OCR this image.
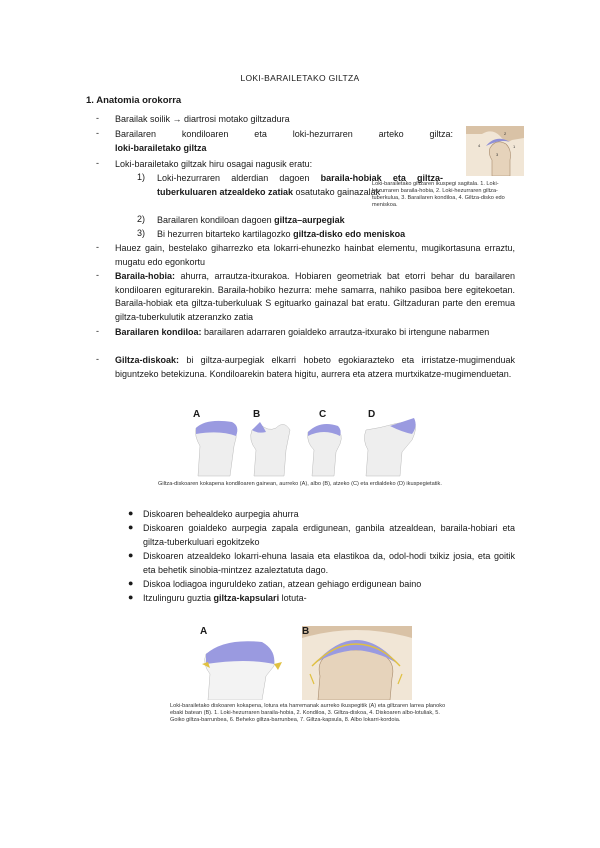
LOKI-BARAILETAKO GILTZA
1. Anatomia orokorra
- Barailak soilik → diartrosi motako giltzadura
- Barailaren kondiloaren eta loki-hezurraren arteko giltza:
loki-barailetako giltza
- Loki-barailetako giltzak hiru osagai nagusik eratu:
1) Loki-hezurraren alderdian dagoen baraila-hobiak eta giltza-tuberkuluaren atzealdeko zatiak osatutako gainazalak
2) Barailaren kondiloan dagoen giltza–aurpegiak
3) Bi hezurren bitarteko kartilagozko giltza-disko edo meniskoa
2
4
3
1
Loki-barailetako giltzaren ikuspegi sagitala. 1. Loki-hezurraren baraila-hobia, 2. Loki-hezurraren giltza-tuberkulua, 3. Barailaren kondiloa, 4. Giltza-disko edo meniskoa.
- Hauez gain, bestelako giharrezko eta lokarri-ehunezko hainbat elementu, mugikortasuna erraztu, mugatu edo egonkortu
- Baraila-hobia: ahurra, arrautza-itxurakoa. Hobiaren geometriak bat etorri behar du barailaren kondiloaren egiturarekin. Baraila-hobiko hezurra: mehe samarra, nahiko pasiboa bere egitekoetan. Baraila-hobiak eta giltza-tuberkuluak S egituarko gainazal bat eratu. Giltzaduran parte den eremua giltza-tuberkulutik atzeranzko zatia
- Barailaren kondiloa: barailaren adarraren goialdeko arrautza-itxurako bi irtengune nabarmen
- Giltza-diskoak: bi giltza-aurpegiak elkarri hobeto egokiarazteko eta irristatze-mugimenduak biguntzeko betekizuna. Kondiloarekin batera higitu, aurrera eta atzera murtxikatze-mugimenduetan.
A	B	C	D
Giltza-diskoaren kokapena kondiloaren gainean, aurreko (A), albo (B), atzeko (C) eta erdialdeko (D) ikuspegietatik.
● Diskoaren behealdeko aurpegia ahurra
● Diskoaren goialdeko aurpegia zapala erdigunean, ganbila atzealdean, baraila-hobiari eta giltza-tuberkuluari egokitzeko
● Diskoaren atzealdeko lokarri-ehuna lasaia eta elastikoa da, odol-hodi txikiz josia, eta goitik eta behetik sinobia-mintzez azaleztatuta dago.
● Diskoa lodiagoa inguruldeko zatian, atzean gehiago erdigunean baino
● Itzulinguru guztia giltza-kapsulari lotuta-
A	B
Loki-barailetako diskoaren kokapena, lotura eta harremanak aurreko ikuspegitik (A) eta giltzaren larrea planoko ebaki batean (B). 1. Loki-hezurraren baraila-hobia, 2. Kondiloa, 3. Giltza-diskoa, 4. Diskoaren albo-lotuliak, 5. Goiko giltza-barrunbea, 6. Beheko giltza-barrunbea, 7. Giltza-kapsula, 8. Albo lokarri-kordoia.
